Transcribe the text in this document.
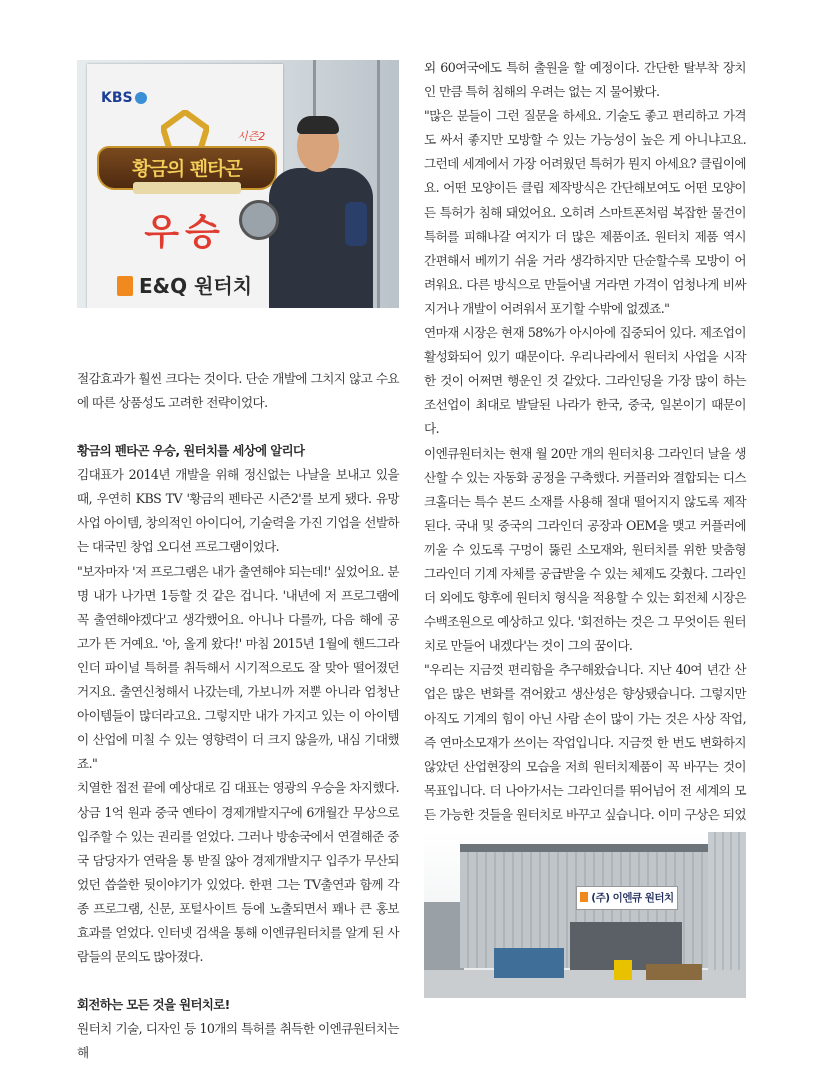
KBS
황금의 펜타곤
시즌2
우승
E&Q 원터치

절감효과가 훨씬 크다는 것이다. 단순 개발에 그치지 않고 수요에 따른 상품성도 고려한 전략이었다.

황금의 펜타곤 우승, 원터치를 세상에 알리다

김대표가 2014년 개발을 위해 정신없는 나날을 보내고 있을 때, 우연히 KBS TV '황금의 펜타곤 시즌2'를 보게 됐다. 유망사업 아이템, 창의적인 아이디어, 기술력을 가진 기업을 선발하는 대국민 창업 오디션 프로그램이었다.

"보자마자 '저 프로그램은 내가 출연해야 되는데!' 싶었어요. 분명 내가 나가면 1등할 것 같은 겁니다. '내년에 저 프로그램에 꼭 출연해야겠다'고 생각했어요. 아니나 다를까, 다음 해에 공고가 뜬 거예요. '아, 올게 왔다!' 마침 2015년 1월에 핸드그라인더 파이널 특허를 취득해서 시기적으로도 잘 맞아 떨어졌던 거지요. 출연신청해서 나갔는데, 가보니까 저뿐 아니라 엄청난 아이템들이 많더라고요. 그렇지만 내가 가지고 있는 이 아이템이 산업에 미칠 수 있는 영향력이 더 크지 않을까, 내심 기대했죠."

치열한 접전 끝에 예상대로 김 대표는 영광의 우승을 차지했다. 상금 1억 원과 중국 옌타이 경제개발지구에 6개월간 무상으로 입주할 수 있는 권리를 얻었다. 그러나 방송국에서 연결해준 중국 담당자가 연락을 통 받질 않아 경제개발지구 입주가 무산되었던 씁쓸한 뒷이야기가 있었다. 한편 그는 TV출연과 함께 각종 프로그램, 신문, 포털사이트 등에 노출되면서 꽤나 큰 홍보효과를 얻었다. 인터넷 검색을 통해 이엔큐원터치를 알게 된 사람들의 문의도 많아졌다.

회전하는 모든 것을 원터치로!

원터치 기술, 디자인 등 10개의 특허를 취득한 이엔큐원터치는 해

외 60여국에도 특허 출원을 할 예정이다. 간단한 탈부착 장치인 만큼 특허 침해의 우려는 없는 지 물어봤다.

"많은 분들이 그런 질문을 하세요. 기술도 좋고 편리하고 가격도 싸서 좋지만 모방할 수 있는 가능성이 높은 게 아니냐고요. 그런데 세계에서 가장 어려웠던 특허가 뭔지 아세요? 클립이에요. 어떤 모양이든 클립 제작방식은 간단해보여도 어떤 모양이든 특허가 침해 돼었어요. 오히려 스마트폰처럼 복잡한 물건이 특허를 피해나갈 여지가 더 많은 제품이죠. 원터치 제품 역시 간편해서 베끼기 쉬울 거라 생각하지만 단순할수록 모방이 어려워요. 다른 방식으로 만들어낼 거라면 가격이 엄청나게 비싸지거나 개발이 어려워서 포기할 수밖에 없겠죠."

연마재 시장은 현재 58%가 아시아에 집중되어 있다. 제조업이 활성화되어 있기 때문이다. 우리나라에서 원터치 사업을 시작한 것이 어쩌면 행운인 것 같았다. 그라인딩을 가장 많이 하는 조선업이 최대로 발달된 나라가 한국, 중국, 일본이기 때문이다.

이엔큐원터치는 현재 월 20만 개의 원터치용 그라인더 날을 생산할 수 있는 자동화 공정을 구축했다. 커플러와 결합되는 디스크홀더는 특수 본드 소재를 사용해 절대 떨어지지 않도록 제작된다. 국내 및 중국의 그라인더 공장과 OEM을 맺고 커플러에 끼울 수 있도록 구멍이 뚫린 소모재와, 원터치를 위한 맞춤형 그라인더 기계 자체를 공급받을 수 있는 체제도 갖췄다. 그라인더 외에도 향후에 원터치 형식을 적용할 수 있는 회전체 시장은 수백조원으로 예상하고 있다. '회전하는 것은 그 무엇이든 원터치로 만들어 내겠다'는 것이 그의 꿈이다.

"우리는 지금껏 편리함을 추구해왔습니다. 지난 40여 년간 산업은 많은 변화를 겪어왔고 생산성은 향상됐습니다. 그렇지만 아직도 기계의 힘이 아닌 사람 손이 많이 가는 것은 사상 작업, 즉 연마소모재가 쓰이는 작업입니다. 지금껏 한 번도 변화하지 않았던 산업현장의 모습을 저희 원터치제품이 꼭 바꾸는 것이 목표입니다. 더 나아가서는 그라인더를 뛰어넘어 전 세계의 모든 가능한 것들을 원터치로 바꾸고 싶습니다. 이미 구상은 되었

(주) 이엔큐 원터치
